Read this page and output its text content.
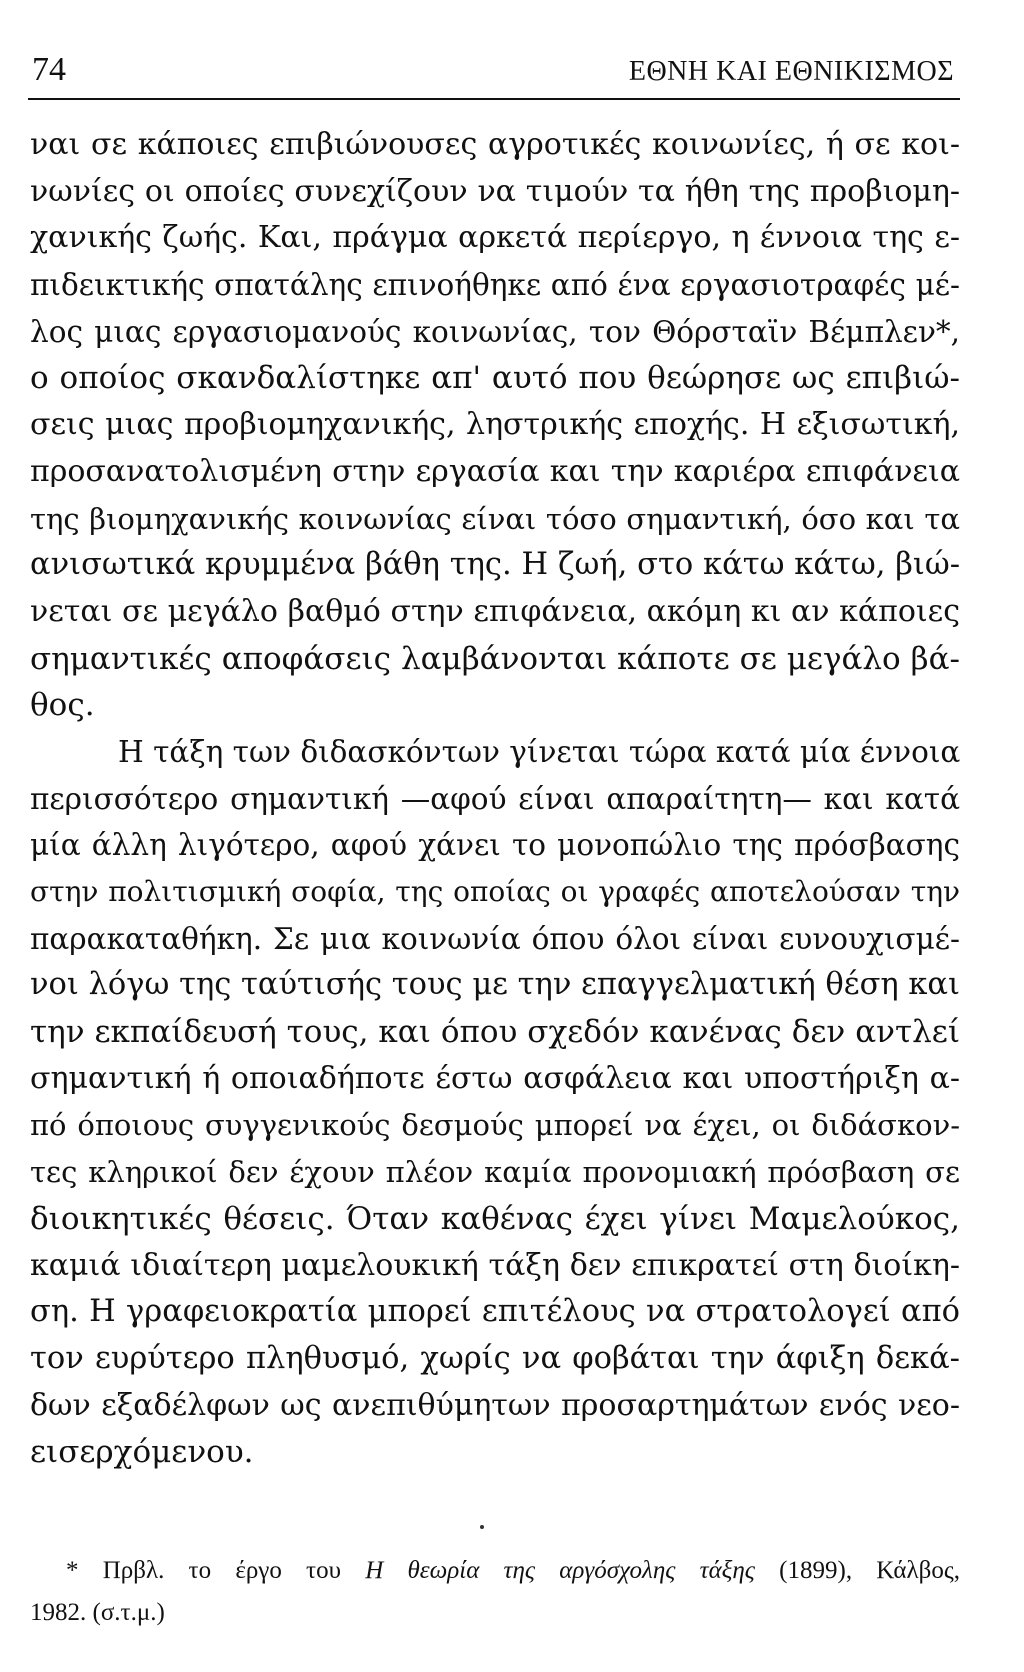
74	ΕΘΝΗ ΚΑΙ ΕΘΝΙΚΙΣΜΟΣ
ναι σε κάποιες επιβιώνουσες αγροτικές κοινωνίες, ή σε κοι-
νωνίες οι οποίες συνεχίζουν να τιμούν τα ήθη της προβιομη-
χανικής ζωής. Και, πράγμα αρκετά περίεργο, η έννοια της ε-
πιδεικτικής σπατάλης επινοήθηκε από ένα εργασιοτραφές μέ-
λος μιας εργασιομανούς κοινωνίας, τον Θόρσταϊν Βέμπλεν*,
ο οποίος σκανδαλίστηκε απ' αυτό που θεώρησε ως επιβιώ-
σεις μιας προβιομηχανικής, ληστρικής εποχής. Η εξισωτική,
προσανατολισμένη στην εργασία και την καριέρα επιφάνεια
της βιομηχανικής κοινωνίας είναι τόσο σημαντική, όσο και τα
ανισωτικά κρυμμένα βάθη της. Η ζωή, στο κάτω κάτω, βιώ-
νεται σε μεγάλο βαθμό στην επιφάνεια, ακόμη κι αν κάποιες
σημαντικές αποφάσεις λαμβάνονται κάποτε σε μεγάλο βά-
θος.
Η τάξη των διδασκόντων γίνεται τώρα κατά μία έννοια
περισσότερο σημαντική —αφού είναι απαραίτητη— και κατά
μία άλλη λιγότερο, αφού χάνει το μονοπώλιο της πρόσβασης
στην πολιτισμική σοφία, της οποίας οι γραφές αποτελούσαν την
παρακαταθήκη. Σε μια κοινωνία όπου όλοι είναι ευνουχισμέ-
νοι λόγω της ταύτισής τους με την επαγγελματική θέση και
την εκπαίδευσή τους, και όπου σχεδόν κανένας δεν αντλεί
σημαντική ή οποιαδήποτε έστω ασφάλεια και υποστήριξη α-
πό όποιους συγγενικούς δεσμούς μπορεί να έχει, οι διδάσκον-
τες κληρικοί δεν έχουν πλέον καμία προνομιακή πρόσβαση σε
διοικητικές θέσεις. Όταν καθένας έχει γίνει Μαμελούκος,
καμιά ιδιαίτερη μαμελουκική τάξη δεν επικρατεί στη διοίκη-
ση. Η γραφειοκρατία μπορεί επιτέλους να στρατολογεί από
τον ευρύτερο πληθυσμό, χωρίς να φοβάται την άφιξη δεκά-
δων εξαδέλφων ως ανεπιθύμητων προσαρτημάτων ενός νεο-
εισερχόμενου.
* Πρβλ. το έργο του Η θεωρία της αργόσχολης τάξης (1899), Κάλβος,
1982. (σ.τ.μ.)
